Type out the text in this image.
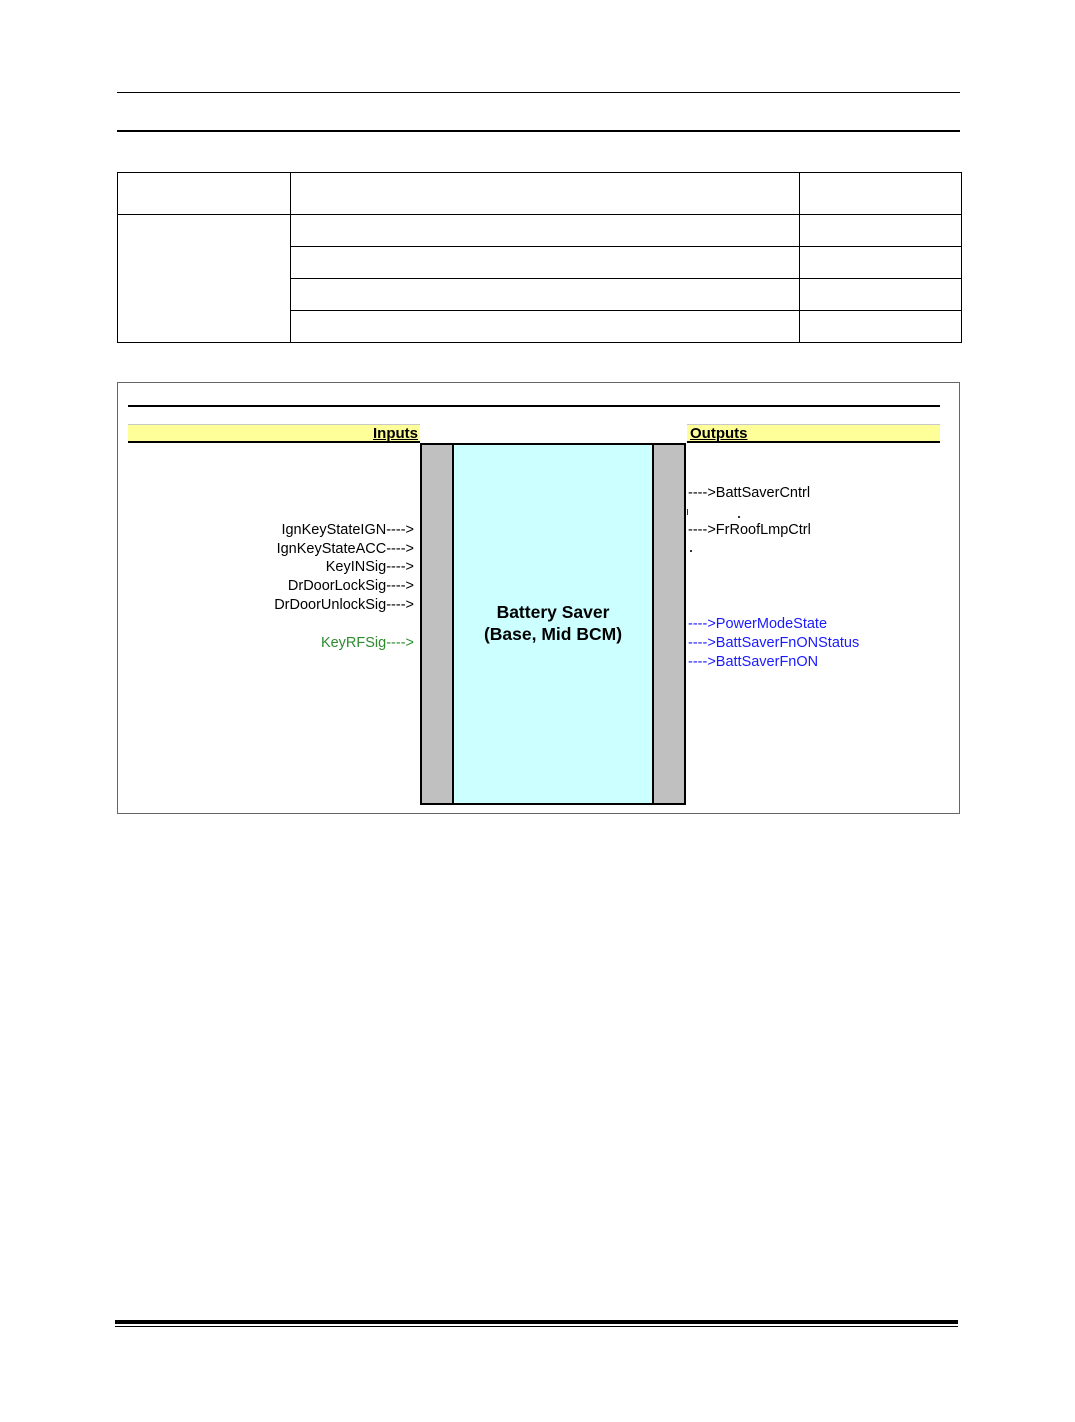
Inputs	Outputs
Battery Saver
(Base, Mid BCM)
IgnKeyStateIGN---->
IgnKeyStateACC---->
KeyINSig---->
DrDoorLockSig---->
DrDoorUnlockSig---->
KeyRFSig---->
---->BattSaverCntrl
---->FrRoofLmpCtrl
---->PowerModeState
---->BattSaverFnONStatus
---->BattSaverFnON
